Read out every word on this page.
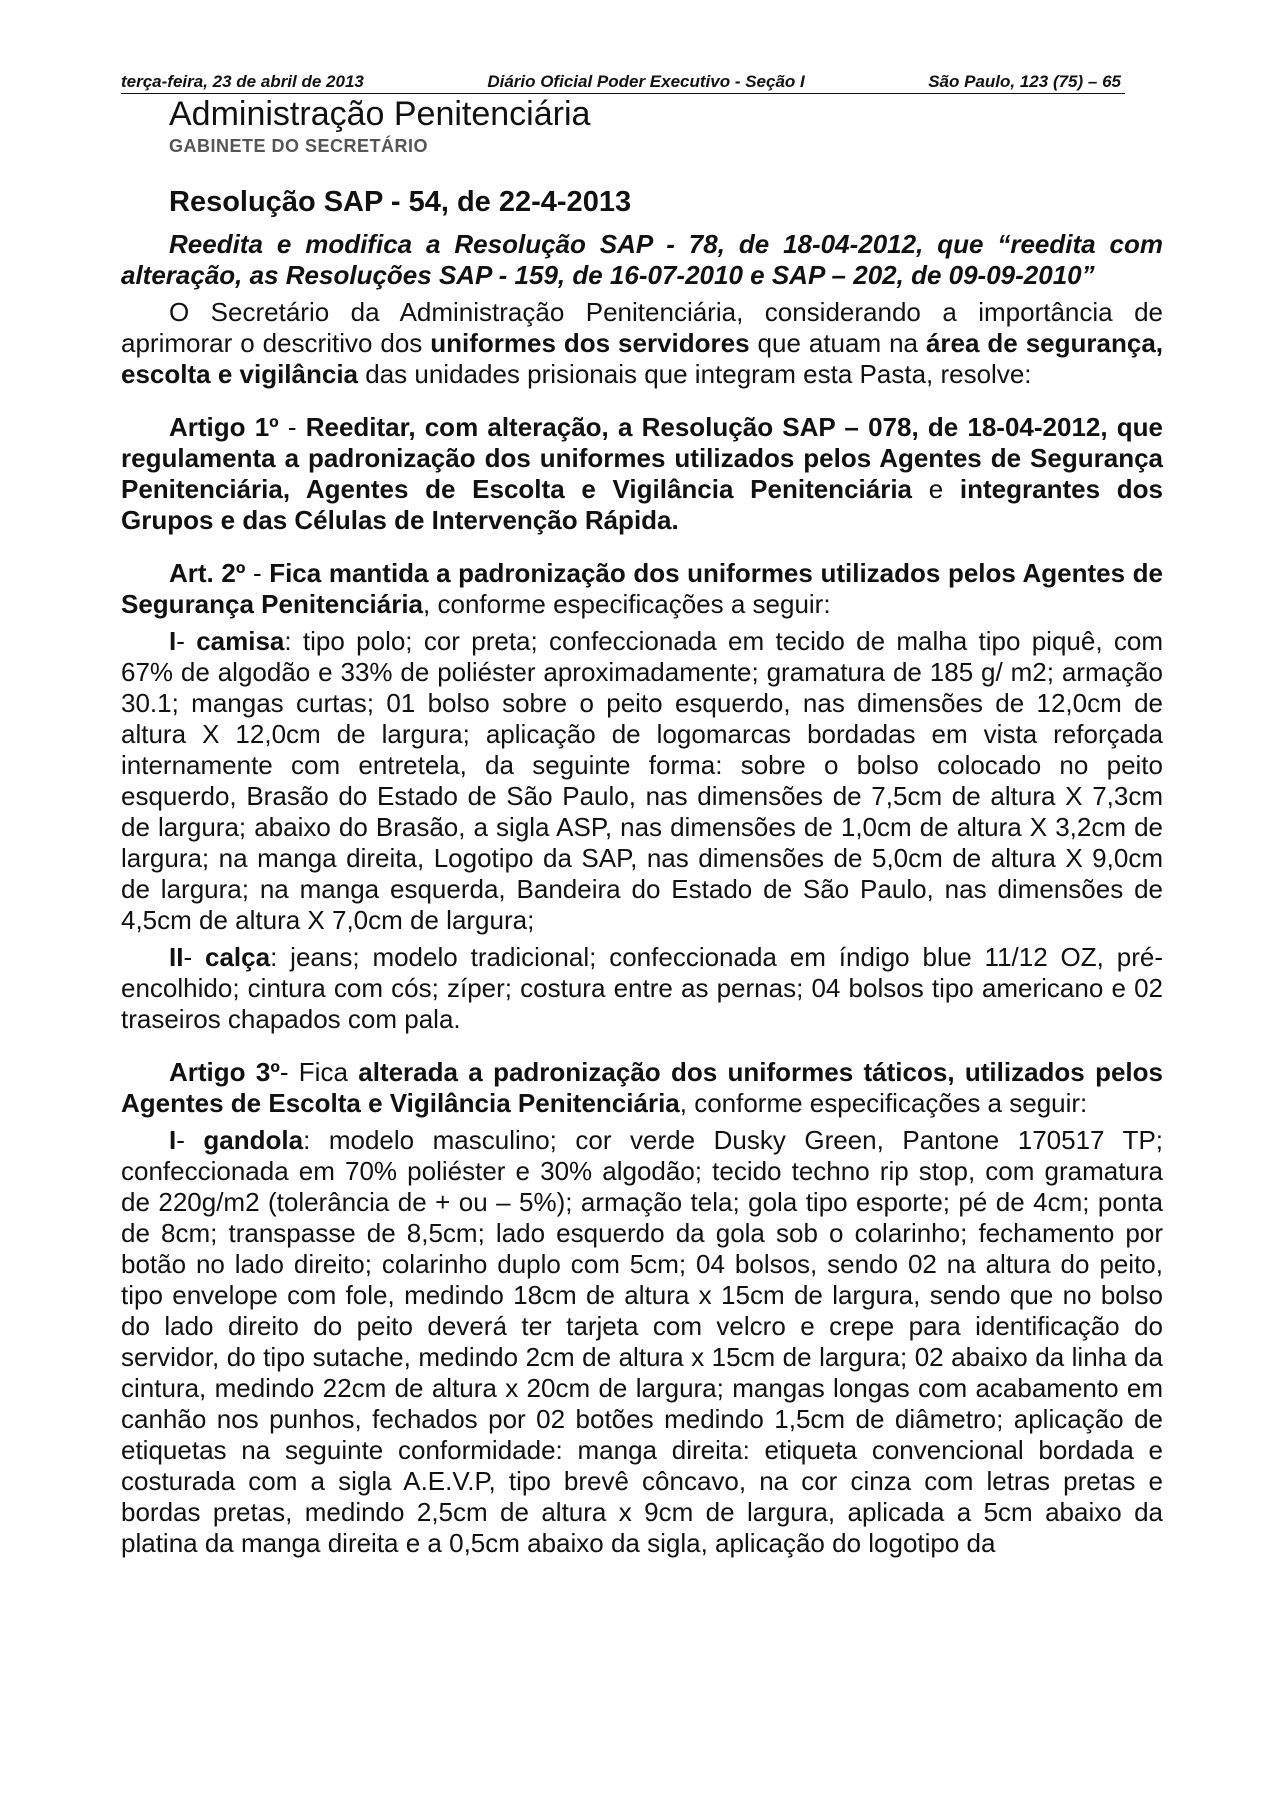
terça-feira, 23 de abril de 2013	Diário Oficial Poder Executivo - Seção I	São Paulo, 123 (75) – 65
Administração Penitenciária
GABINETE DO SECRETÁRIO
Resolução SAP - 54, de 22-4-2013

Reedita e modifica a Resolução SAP - 78, de 18-04-2012, que “reedita com alteração, as Resoluções SAP - 159, de 16-07-2010 e SAP – 202, de 09-09-2010”

O Secretário da Administração Penitenciária, considerando a importância de aprimorar o descritivo dos uniformes dos servidores que atuam na área de segurança, escolta e vigilância das unidades prisionais que integram esta Pasta, resolve:

Artigo 1º - Reeditar, com alteração, a Resolução SAP – 078, de 18-04-2012, que regulamenta a padronização dos uniformes utilizados pelos Agentes de Segurança Penitenciária, Agentes de Escolta e Vigilância Penitenciária e integrantes dos Grupos e das Células de Intervenção Rápida.

Art. 2º - Fica mantida a padronização dos uniformes utilizados pelos Agentes de Segurança Penitenciária, conforme especificações a seguir:

I- camisa: tipo polo; cor preta; confeccionada em tecido de malha tipo piquê, com 67% de algodão e 33% de poliéster aproximadamente; gramatura de 185 g/ m2; armação 30.1; mangas curtas; 01 bolso sobre o peito esquerdo, nas dimensões de 12,0cm de altura X 12,0cm de largura; aplicação de logomarcas bordadas em vista reforçada internamente com entretela, da seguinte forma: sobre o bolso colocado no peito esquerdo, Brasão do Estado de São Paulo, nas dimensões de 7,5cm de altura X 7,3cm de largura; abaixo do Brasão, a sigla ASP, nas dimensões de 1,0cm de altura X 3,2cm de largura; na manga direita, Logotipo da SAP, nas dimensões de 5,0cm de altura X 9,0cm de largura; na manga esquerda, Bandeira do Estado de São Paulo, nas dimensões de 4,5cm de altura X 7,0cm de largura;

II- calça: jeans; modelo tradicional; confeccionada em índigo blue 11/12 OZ, pré-encolhido; cintura com cós; zíper; costura entre as pernas; 04 bolsos tipo americano e 02 traseiros chapados com pala.

Artigo 3º- Fica alterada a padronização dos uniformes táticos, utilizados pelos Agentes de Escolta e Vigilância Penitenciária, conforme especificações a seguir:

I- gandola: modelo masculino; cor verde Dusky Green, Pantone 170517 TP; confeccionada em 70% poliéster e 30% algodão; tecido techno rip stop, com gramatura de 220g/m2 (tolerância de + ou – 5%); armação tela; gola tipo esporte; pé de 4cm; ponta de 8cm; transpasse de 8,5cm; lado esquerdo da gola sob o colarinho; fechamento por botão no lado direito; colarinho duplo com 5cm; 04 bolsos, sendo 02 na altura do peito, tipo envelope com fole, medindo 18cm de altura x 15cm de largura, sendo que no bolso do lado direito do peito deverá ter tarjeta com velcro e crepe para identificação do servidor, do tipo sutache, medindo 2cm de altura x 15cm de largura; 02 abaixo da linha da cintura, medindo 22cm de altura x 20cm de largura; mangas longas com acabamento em canhão nos punhos, fechados por 02 botões medindo 1,5cm de diâmetro; aplicação de etiquetas na seguinte conformidade: manga direita: etiqueta convencional bordada e costurada com a sigla A.E.V.P, tipo brevê côncavo, na cor cinza com letras pretas e bordas pretas, medindo 2,5cm de altura x 9cm de largura, aplicada a 5cm abaixo da platina da manga direita e a 0,5cm abaixo da sigla, aplicação do logotipo da
